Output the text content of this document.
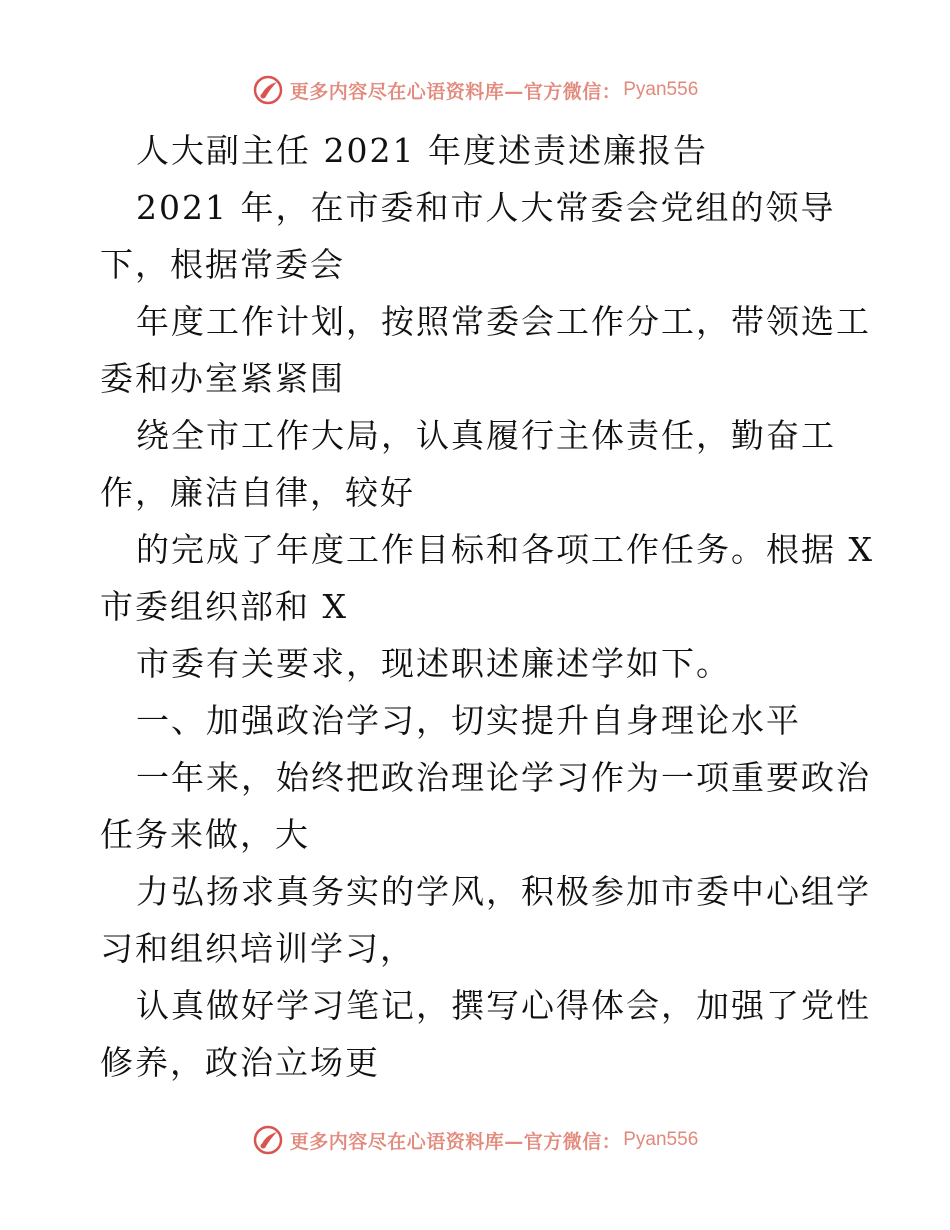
更多内容尽在心语资料库—官方微信： Pyan556
人大副主任 2021 年度述责述廉报告
2021 年，在市委和市人大常委会党组的领导
下，根据常委会
年度工作计划，按照常委会工作分工，带领选工
委和办室紧紧围
绕全市工作大局，认真履行主体责任，勤奋工
作，廉洁自律，较好
的完成了年度工作目标和各项工作任务。根据 X
市委组织部和 X
市委有关要求，现述职述廉述学如下。
一、加强政治学习，切实提升自身理论水平
一年来，始终把政治理论学习作为一项重要政治
任务来做，大
力弘扬求真务实的学风，积极参加市委中心组学
习和组织培训学习，
认真做好学习笔记，撰写心得体会，加强了党性
修养，政治立场更
更多内容尽在心语资料库—官方微信： Pyan556
